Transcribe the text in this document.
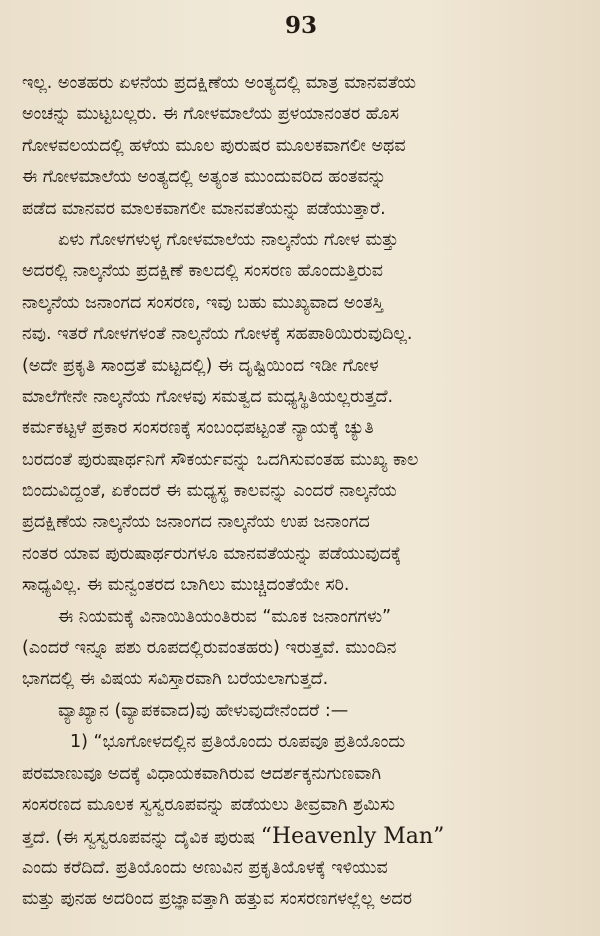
93
ಇಲ್ಲ. ಅಂತಹರು ಏಳನೆಯ ಪ್ರದಕ್ಷಿಣೆಯ ಅಂತ್ಯದಲ್ಲಿ ಮಾತ್ರ ಮಾನವತೆಯ
ಅಂಚನ್ನು ಮುಟ್ಟಬಲ್ಲರು. ಈ ಗೋಳಮಾಲೆಯ ಪ್ರಳಯಾನಂತರ ಹೊಸ
ಗೋಳವಲಯದಲ್ಲಿ ಹಳೆಯ ಮೂಲ ಪುರುಷರ ಮೂಲಕವಾಗಲೀ ಅಥವ
ಈ ಗೋಳಮಾಲೆಯ ಅಂತ್ಯದಲ್ಲಿ ಅತ್ಯಂತ ಮುಂದುವರಿದ ಹಂತವನ್ನು
ಪಡೆದ ಮಾನವರ ಮಾಲಕವಾಗಲೀ ಮಾನವತೆಯನ್ನು ಪಡೆಯುತ್ತಾರೆ.
ಏಳು ಗೋಳಗಳುಳ್ಳ ಗೋಳಮಾಲೆಯ ನಾಲ್ಕನೆಯ ಗೋಳ ಮತ್ತು
ಅದರಲ್ಲಿ ನಾಲ್ಕನೆಯ ಪ್ರದಕ್ಷಿಣೆ ಕಾಲದಲ್ಲಿ ಸಂಸರಣ ಹೊಂದುತ್ತಿರುವ
ನಾಲ್ಕನೆಯ ಜನಾಂಗದ ಸಂಸರಣ, ಇವು ಬಹು ಮುಖ್ಯವಾದ ಅಂತಸ್ತಿ
ನವು. ಇತರೆ ಗೋಳಗಳಂತೆ ನಾಲ್ಕನೆಯ ಗೋಳಕ್ಕೆ ಸಹಪಾಠಿಯಿರುವುದಿಲ್ಲ.
(ಅದೇ ಪ್ರಕೃತಿ ಸಾಂದ್ರತೆ ಮಟ್ಟದಲ್ಲಿ) ಈ ದೃಷ್ಟಿಯಿಂದ ಇಡೀ ಗೋಳ
ಮಾಲೆಗೇನೇ ನಾಲ್ಕನೆಯ ಗೋಳವು ಸಮತ್ವದ ಮಧ್ಯಸ್ಥಿತಿಯಲ್ಲರುತ್ತದೆ.
ಕರ್ಮಕಟ್ಟಳೆ ಪ್ರಕಾರ ಸಂಸರಣಕ್ಕೆ ಸಂಬಂಧಪಟ್ಟಂತೆ ನ್ಯಾಯಕ್ಕೆ ಚ್ಯುತಿ
ಬರದಂತೆ ಪುರುಷಾರ್ಥನಿಗೆ ಸೌಕರ್ಯವನ್ನು ಒದಗಿಸುವಂತಹ ಮುಖ್ಯ ಕಾಲ
ಬಿಂದುವಿದ್ದಂತೆ, ಏಕೆಂದರೆ ಈ ಮಧ್ಯಸ್ಥ ಕಾಲವನ್ನು ಎಂದರೆ ನಾಲ್ಕನೆಯ
ಪ್ರದಕ್ಷಿಣೆಯ ನಾಲ್ಕನೆಯ ಜನಾಂಗದ ನಾಲ್ಕನೆಯ ಉಪ ಜನಾಂಗದ
ನಂತರ ಯಾವ ಪುರುಷಾರ್ಥರುಗಳೂ ಮಾನವತೆಯನ್ನು ಪಡೆಯುವುದಕ್ಕೆ
ಸಾಧ್ಯವಿಲ್ಲ. ಈ ಮನ್ವಂತರದ ಬಾಗಿಲು ಮುಚ್ಚಿದಂತೆಯೇ ಸರಿ.
ಈ ನಿಯಮಕ್ಕೆ ವಿನಾಯಿತಿಯಂತಿರುವ “ಮೂಕ ಜನಾಂಗಗಳು”
(ಎಂದರೆ ಇನ್ನೂ ಪಶು ರೂಪದಲ್ಲಿರುವಂತಹರು) ಇರುತ್ತವೆ. ಮುಂದಿನ
ಭಾಗದಲ್ಲಿ ಈ ವಿಷಯ ಸವಿಸ್ತಾರವಾಗಿ ಬರೆಯಲಾಗುತ್ತದೆ.
ವ್ಯಾಖ್ಯಾನ (ವ್ಯಾಪಕವಾದ)ವು ಹೇಳುವುದೇನೆಂದರೆ :—
1) “ಭೂಗೋಳದಲ್ಲಿನ ಪ್ರತಿಯೊಂದು ರೂಪವೂ ಪ್ರತಿಯೊಂದು
ಪರಮಾಣುವೂ ಅದಕ್ಕೆ ವಿಧಾಯಕವಾಗಿರುವ ಆದರ್ಶಕ್ಕನುಗುಣವಾಗಿ
ಸಂಸರಣದ ಮೂಲಕ ಸ್ವಸ್ವರೂಪವನ್ನು ಪಡೆಯಲು ತೀವ್ರವಾಗಿ ಶ್ರಮಿಸು
ತ್ತದೆ. (ಈ ಸ್ವಸ್ವರೂಪವನ್ನು ದೈವಿಕ ಪುರುಷ “Heavenly Man”
ಎಂದು ಕರೆದಿದೆ. ಪ್ರತಿಯೊಂದು ಅಣುವಿನ ಪ್ರಕೃತಿಯೊಳಕ್ಕೆ ಇಳಿಯುವ
ಮತ್ತು ಪುನಹ ಅದರಿಂದ ಪ್ರಜ್ಞಾವತ್ತಾಗಿ ಹತ್ತುವ ಸಂಸರಣಗಳಲ್ಲೆಲ್ಲ ಅದರ
